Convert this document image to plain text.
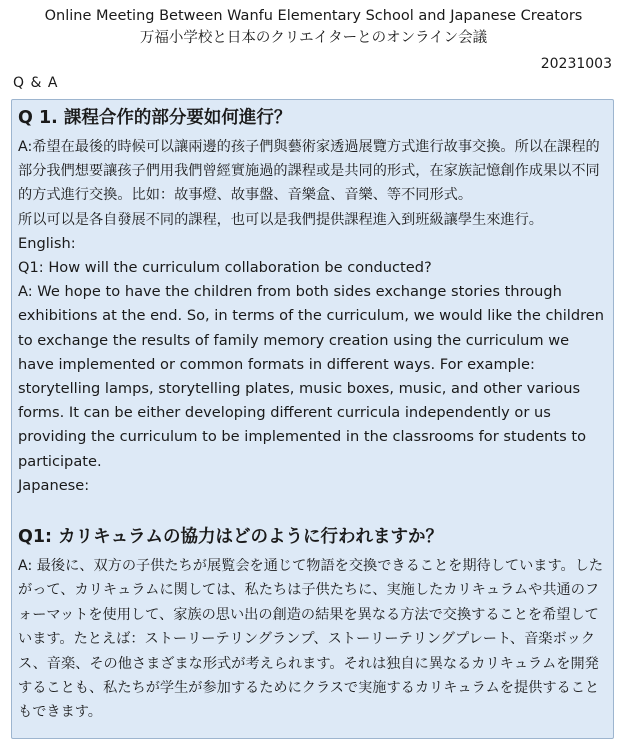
Online Meeting Between Wanfu Elementary School and Japanese Creators
万福小学校と日本のクリエイターとのオンライン会議
20231003
Q & A
Q 1. 課程合作的部分要如何進行？

A:希望在最後的時候可以讓兩邊的孩子們與藝術家透過展覽方式進行故事交換。所以在課程的部分我們想要讓孩子們用我們曾經實施過的課程或是共同的形式，在家族記憶創作成果以不同的方式進行交換。比如：故事燈、故事盤、音樂盒、音樂、等不同形式。

所以可以是各自發展不同的課程，也可以是我們提供課程進入到班級讓學生來進行。

English:

Q1: How will the curriculum collaboration be conducted?

A: We hope to have the children from both sides exchange stories through exhibitions at the end. So, in terms of the curriculum, we would like the children to exchange the results of family memory creation using the curriculum we have implemented or common formats in different ways. For example: storytelling lamps, storytelling plates, music boxes, music, and other various forms. It can be either developing different curricula independently or us providing the curriculum to be implemented in the classrooms for students to participate.

Japanese:

Q1: カリキュラムの協力はどのように行われますか？

A: 最後に、双方の子供たちが展覧会を通じて物語を交換できることを期待しています。したがって、カリキュラムに関しては、私たちは子供たちに、実施したカリキュラムや共通のフォーマットを使用して、家族の思い出の創造の結果を異なる方法で交換することを希望しています。たとえば：ストーリーテリングランプ、ストーリーテリングプレート、音楽ボックス、音楽、その他さまざまな形式が考えられます。それは独自に異なるカリキュラムを開発することも、私たちが学生が参加するためにクラスで実施するカリキュラムを提供することもできます。
